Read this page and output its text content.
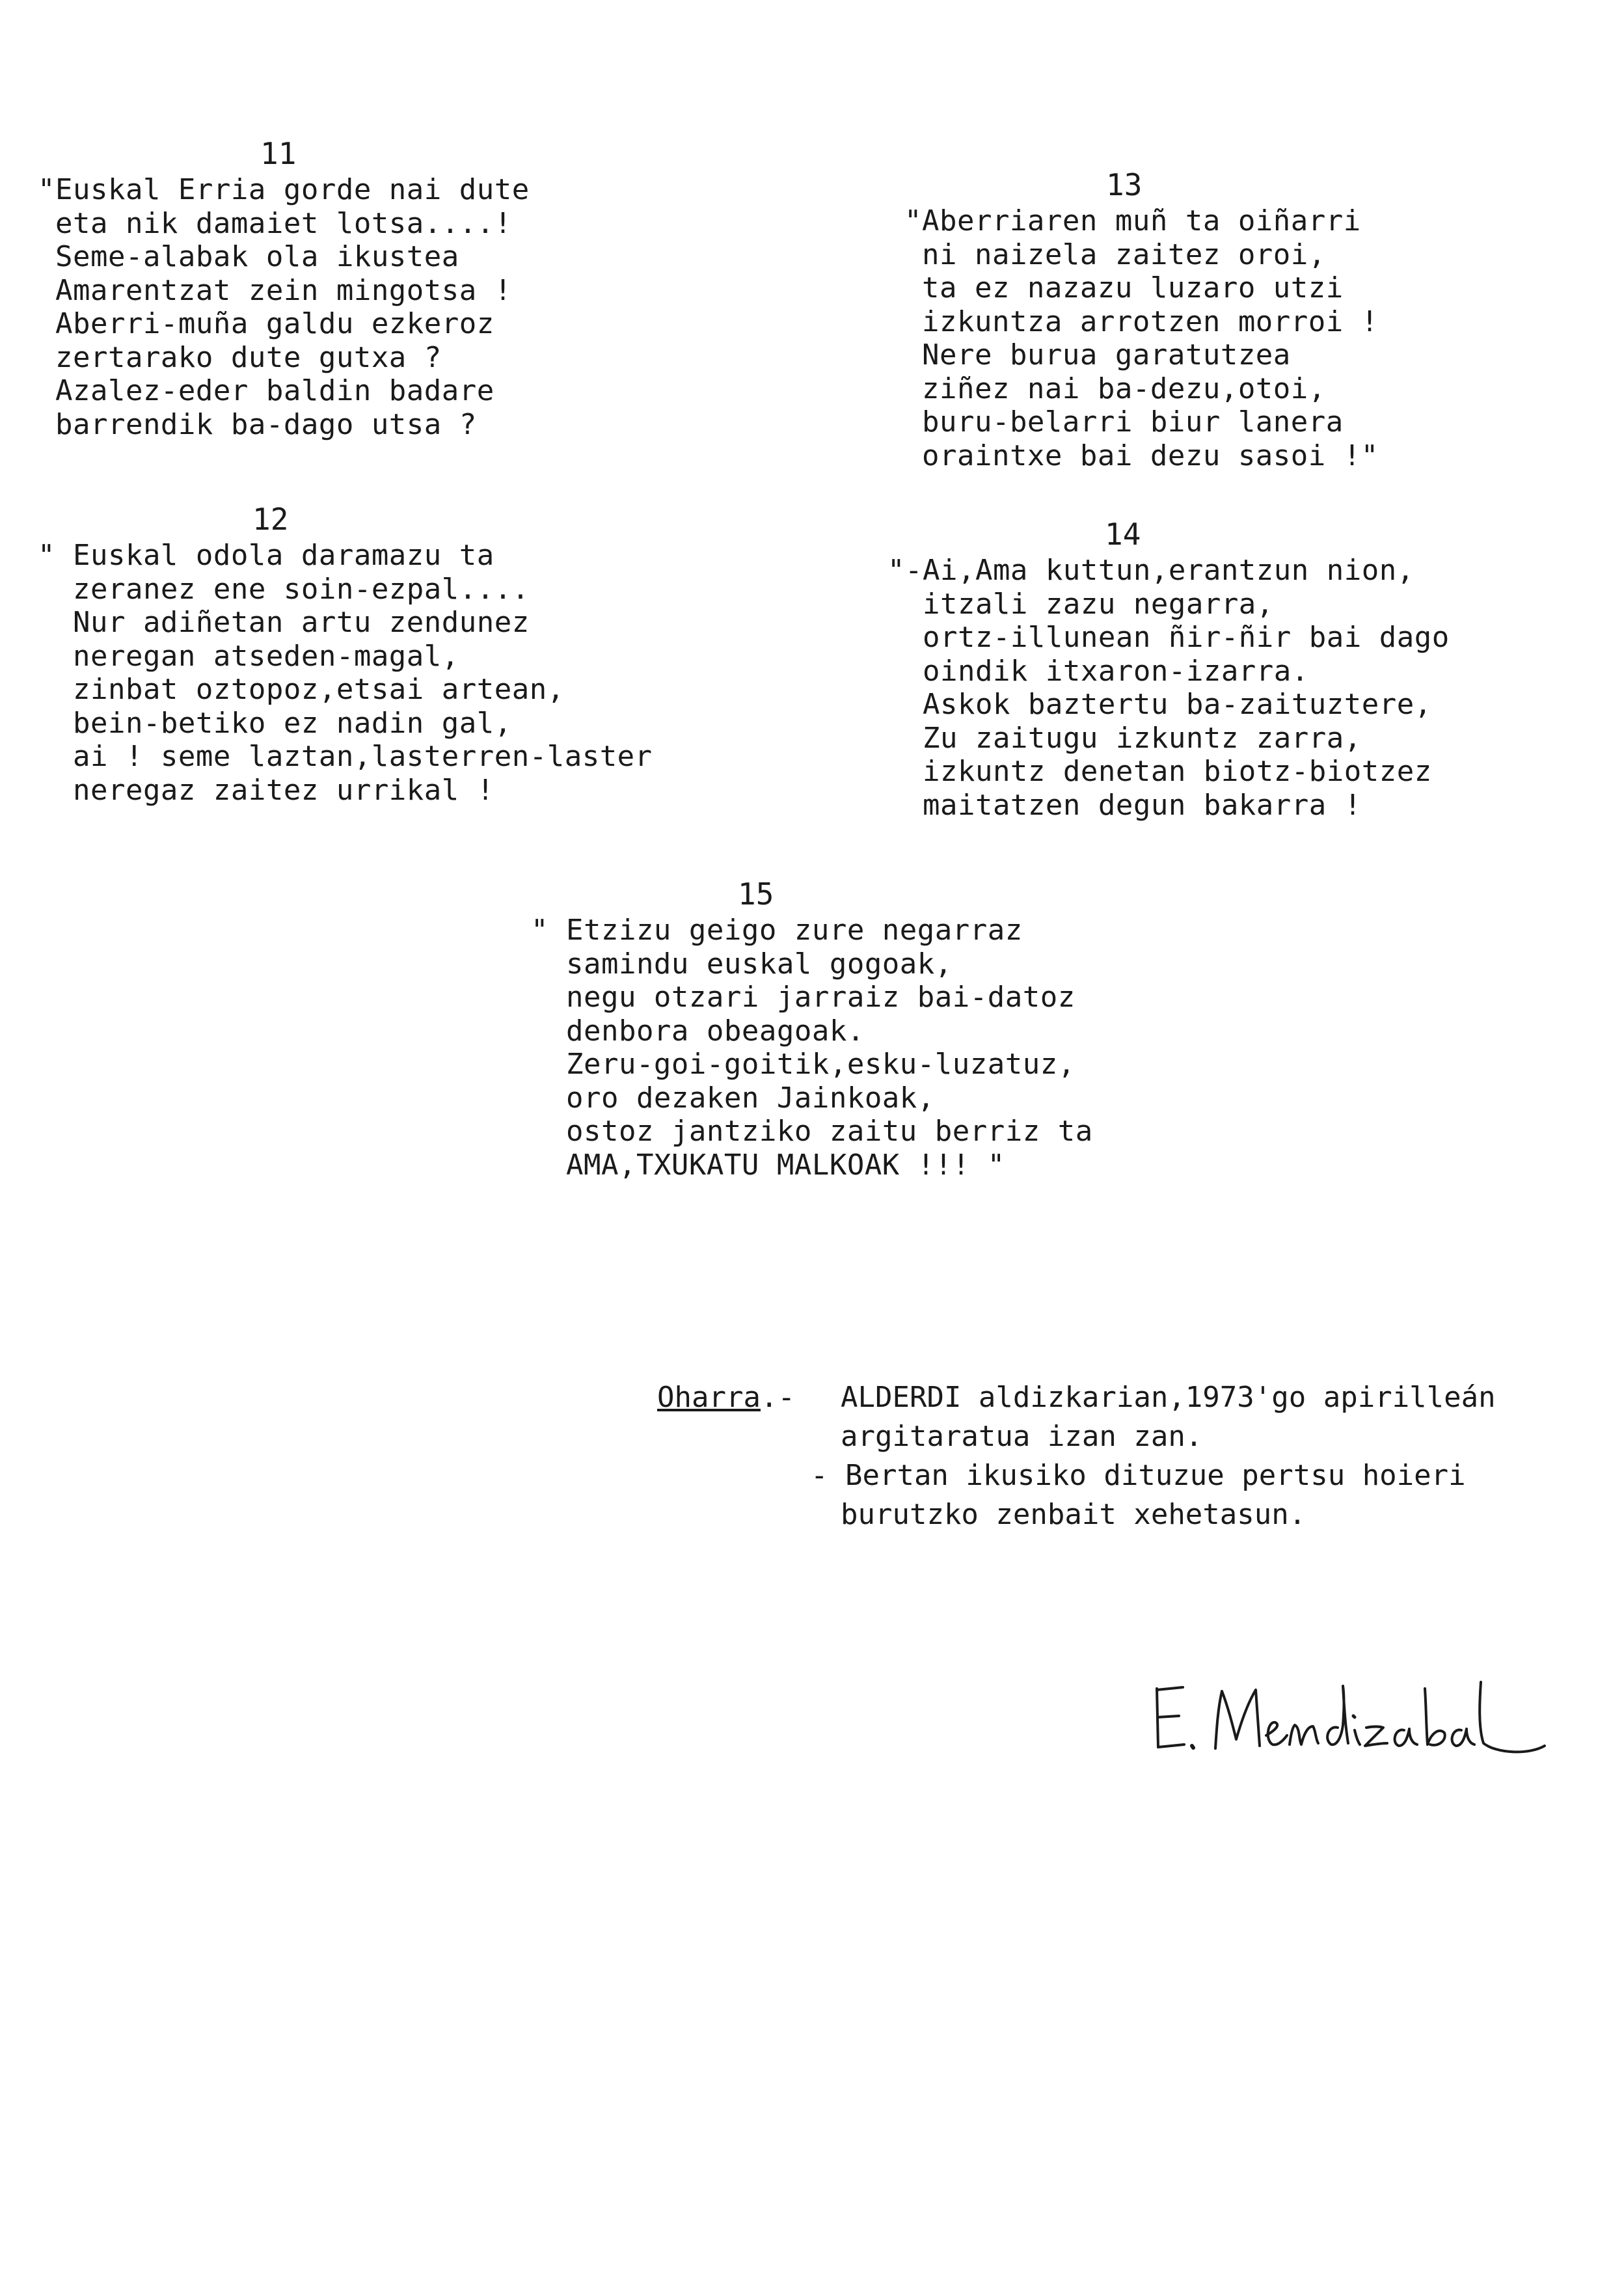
11
"Euskal Erria gorde nai dute
eta nik damaiet lotsa....!
Seme-alabak ola ikustea
Amarentzat zein mingotsa !
Aberri-muña galdu ezkeroz
zertarako dute gutxa ?
Azalez-eder baldin badare
barrendik ba-dago utsa ?
12
" Euskal odola daramazu ta
zeranez ene soin-ezpal....
Nur adiñetan artu zendunez
neregan atseden-magal,
zinbat oztopoz,etsai artean,
bein-betiko ez nadin gal,
ai ! seme laztan,lasterren-laster
neregaz zaitez urrikal !
13
"Aberriaren muñ ta oiñarri
ni naizela zaitez oroi,
ta ez nazazu luzaro utzi
izkuntza arrotzen morroi !
Nere burua garatutzea
ziñez nai ba-dezu,otoi,
buru-belarri biur lanera
oraintxe bai dezu sasoi !"
14
"-Ai,Ama kuttun,erantzun nion,
itzali zazu negarra,
ortz-illunean ñir-ñir bai dago
oindik itxaron-izarra.
Askok baztertu ba-zaituztere,
Zu zaitugu izkuntz zarra,
izkuntz denetan biotz-biotzez
maitatzen degun bakarra !
15
" Etzizu geigo zure negarraz
samindu euskal gogoak,
negu otzari jarraiz bai-datoz
denbora obeagoak.
Zeru-goi-goitik,esku-luzatuz,
oro dezaken Jainkoak,
ostoz jantziko zaitu berriz ta
AMA,TXUKATU MALKOAK !!! "
Oharra.- ALDERDI aldizkarian,1973'go apirilleán
argitaratua izan zan.
- Bertan ikusiko dituzue pertsu hoieri
burutzko zenbait xehetasun.
